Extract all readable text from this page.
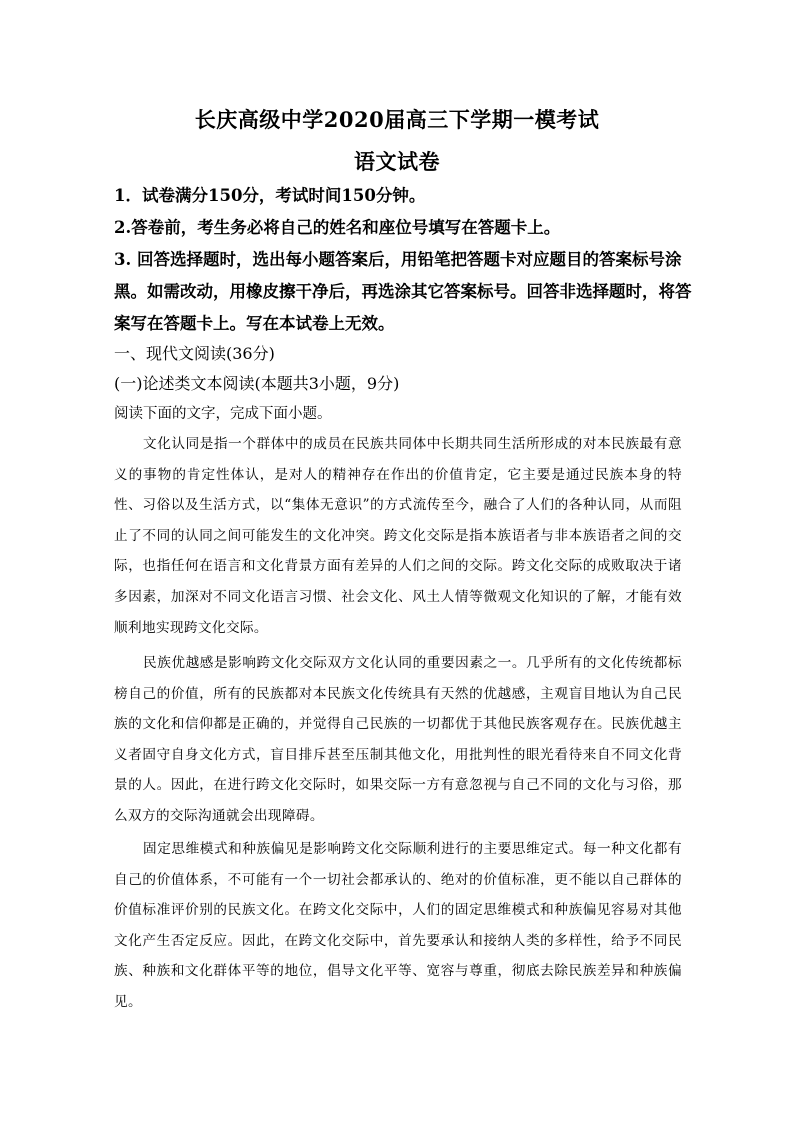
长庆高级中学2020届高三下学期一模考试
语文试卷
1．试卷满分150分，考试时间150分钟。
2.答卷前，考生务必将自己的姓名和座位号填写在答题卡上。
3. 回答选择题时，选出每小题答案后，用铅笔把答题卡对应题目的答案标号涂黑。如需改动，用橡皮擦干净后，再选涂其它答案标号。回答非选择题时，将答案写在答题卡上。写在本试卷上无效。
一、现代文阅读(36分)
(一)论述类文本阅读(本题共3小题，9分)
阅读下面的文字，完成下面小题。

文化认同是指一个群体中的成员在民族共同体中长期共同生活所形成的对本民族最有意义的事物的肯定性体认，是对人的精神存在作出的价值肯定，它主要是通过民族本身的特性、习俗以及生活方式，以“集体无意识”的方式流传至今，融合了人们的各种认同，从而阻止了不同的认同之间可能发生的文化冲突。跨文化交际是指本族语者与非本族语者之间的交际，也指任何在语言和文化背景方面有差异的人们之间的交际。跨文化交际的成败取决于诸多因素，加深对不同文化语言习惯、社会文化、风土人情等微观文化知识的了解，才能有效顺利地实现跨文化交际。

民族优越感是影响跨文化交际双方文化认同的重要因素之一。几乎所有的文化传统都标榜自己的价值，所有的民族都对本民族文化传统具有天然的优越感，主观盲目地认为自己民族的文化和信仰都是正确的，并觉得自己民族的一切都优于其他民族客观存在。民族优越主义者固守自身文化方式，盲目排斥甚至压制其他文化，用批判性的眼光看待来自不同文化背景的人。因此，在进行跨文化交际时，如果交际一方有意忽视与自己不同的文化与习俗，那么双方的交际沟通就会出现障碍。

固定思维模式和种族偏见是影响跨文化交际顺利进行的主要思维定式。每一种文化都有自己的价值体系，不可能有一个一切社会都承认的、绝对的价值标准，更不能以自己群体的价值标准评价别的民族文化。在跨文化交际中，人们的固定思维模式和种族偏见容易对其他文化产生否定反应。因此，在跨文化交际中，首先要承认和接纳人类的多样性，给予不同民族、种族和文化群体平等的地位，倡导文化平等、宽容与尊重，彻底去除民族差异和种族偏见。
